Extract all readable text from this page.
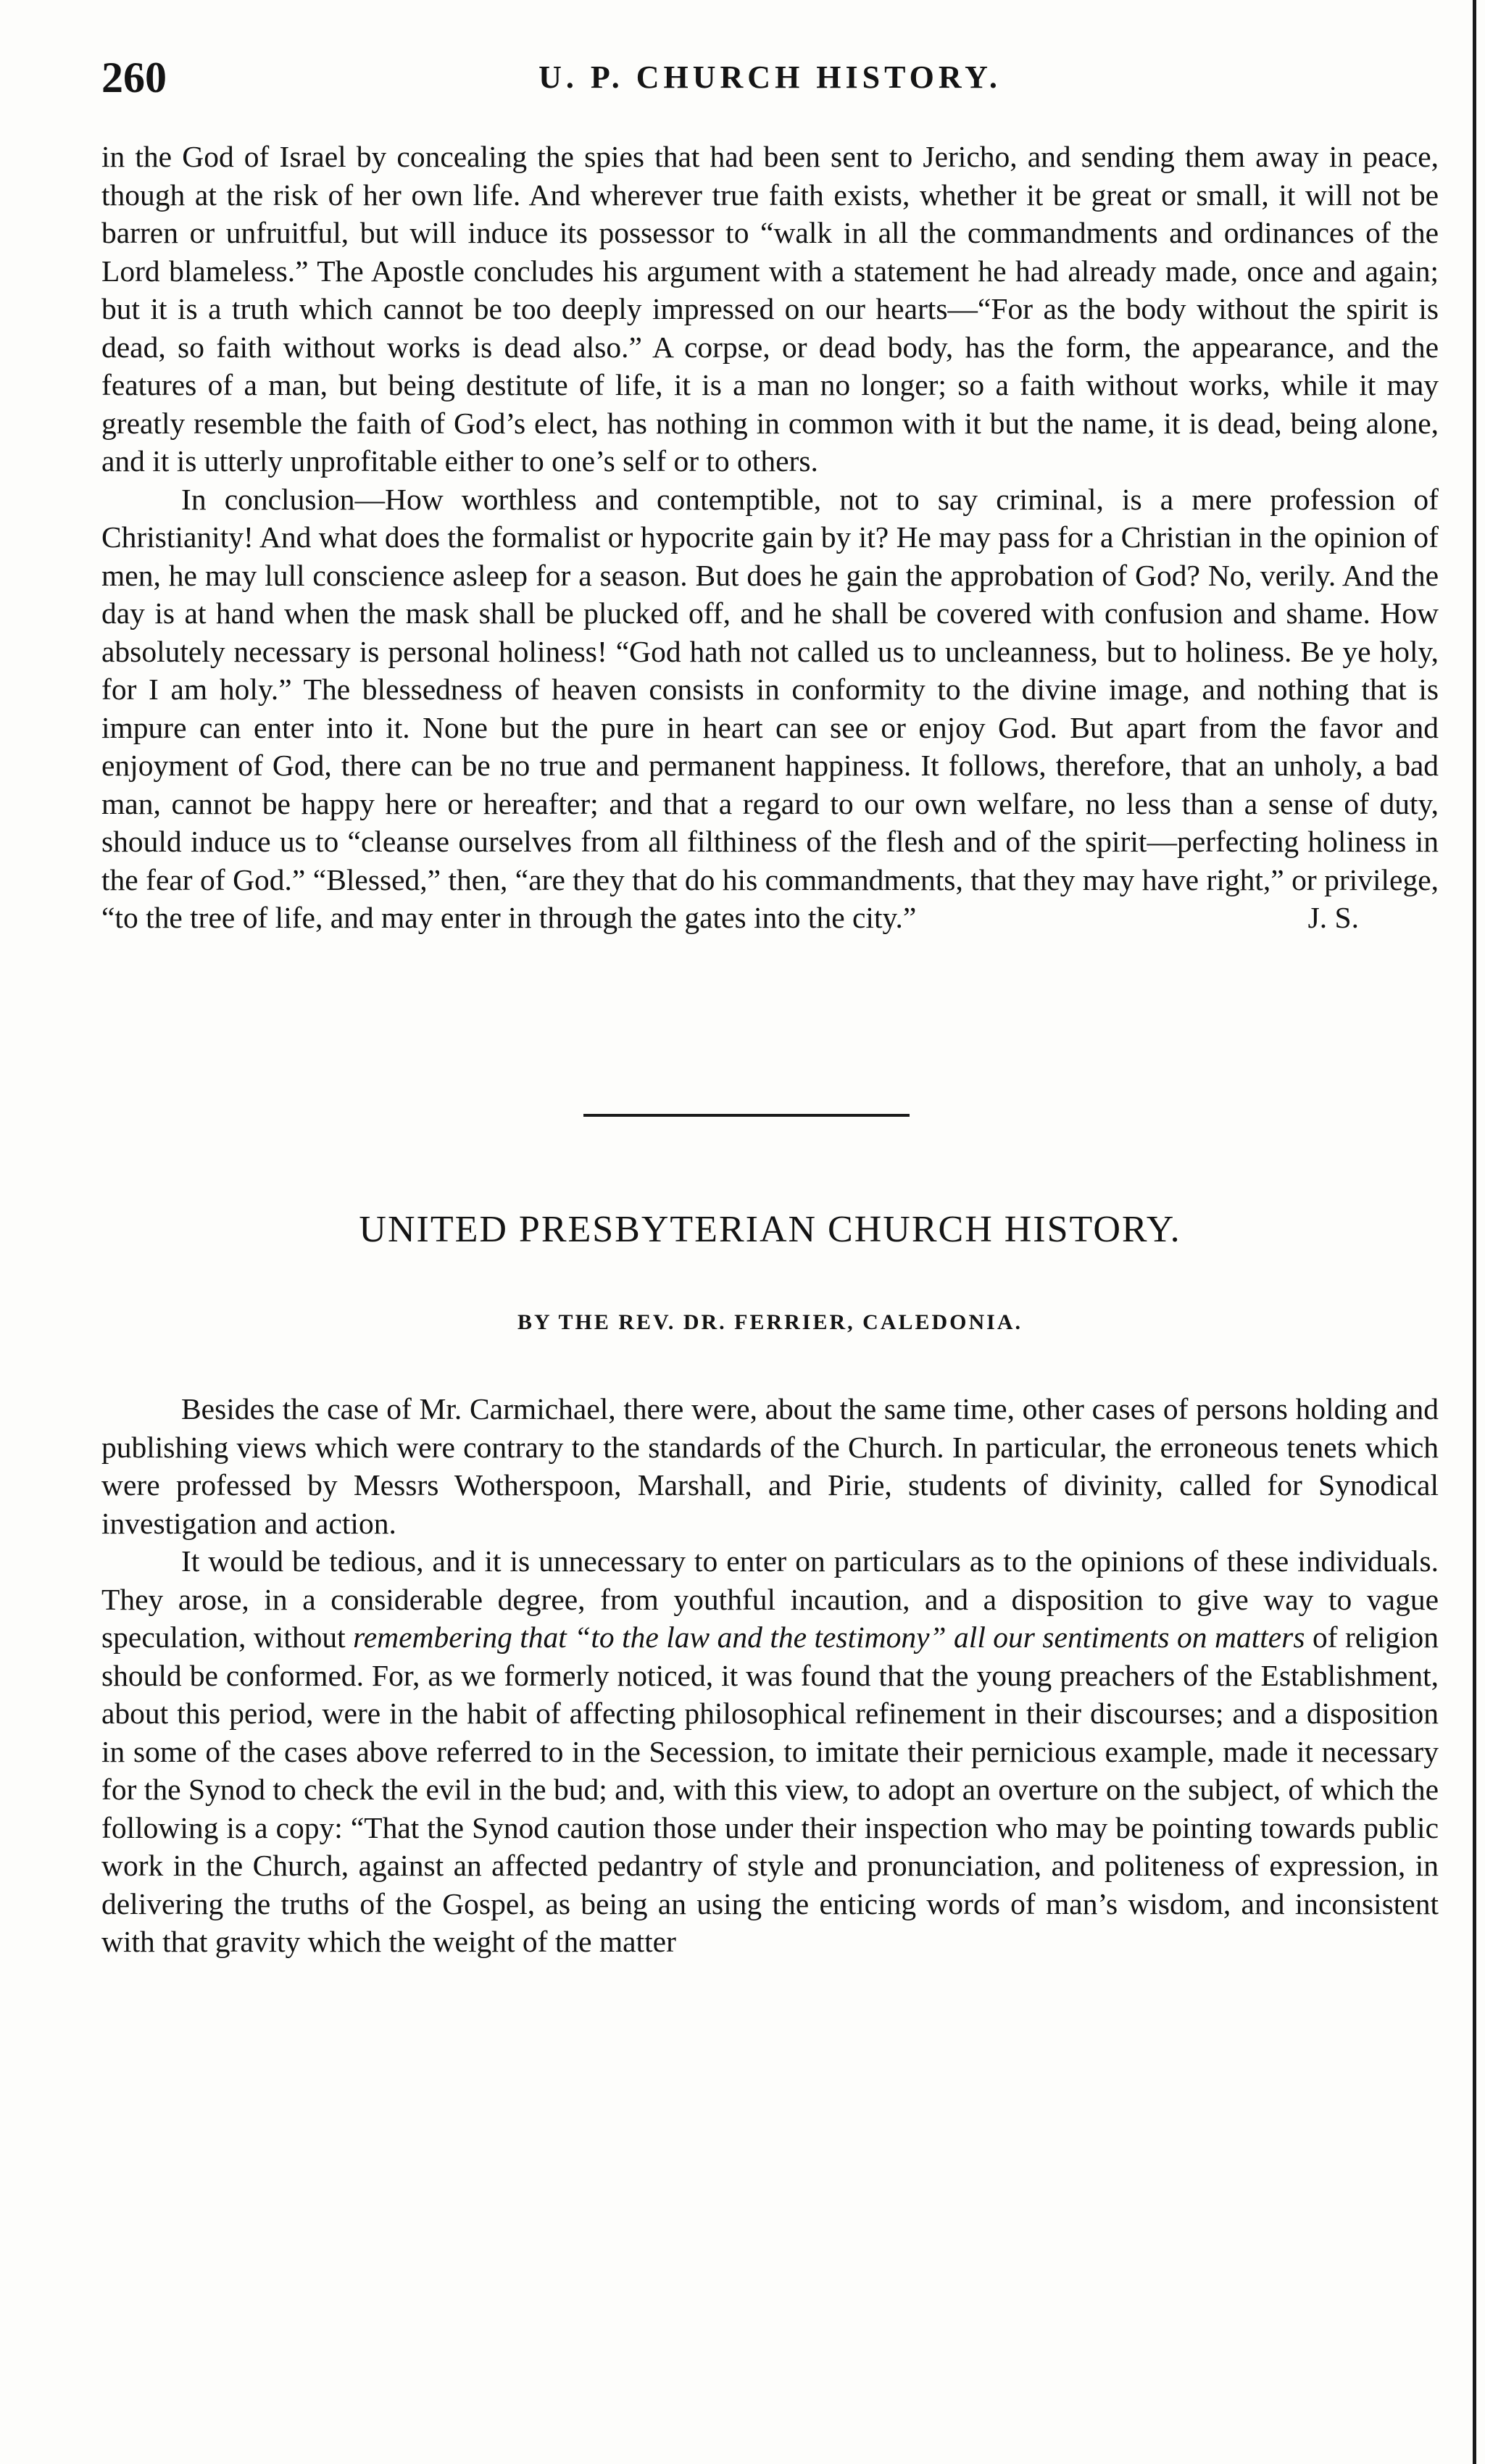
260	U. P. CHURCH HISTORY.

in the God of Israel by concealing the spies that had been sent to Jericho, and sending them away in peace, though at the risk of her own life. And wherever true faith exists, whether it be great or small, it will not be barren or unfruitful, but will induce its possessor to “walk in all the commandments and ordinances of the Lord blameless.” The Apostle concludes his argument with a statement he had already made, once and again; but it is a truth which cannot be too deeply impressed on our hearts—“For as the body without the spirit is dead, so faith without works is dead also.” A corpse, or dead body, has the form, the appearance, and the features of a man, but being destitute of life, it is a man no longer; so a faith without works, while it may greatly resemble the faith of God’s elect, has nothing in common with it but the name, it is dead, being alone, and it is utterly unprofitable either to one’s self or to others.

In conclusion—How worthless and contemptible, not to say criminal, is a mere profession of Christianity! And what does the formalist or hypocrite gain by it? He may pass for a Christian in the opinion of men, he may lull conscience asleep for a season. But does he gain the approbation of God? No, verily. And the day is at hand when the mask shall be plucked off, and he shall be covered with confusion and shame. How absolutely necessary is personal holiness! “God hath not called us to uncleanness, but to holiness. Be ye holy, for I am holy.” The blessedness of heaven consists in conformity to the divine image, and nothing that is impure can enter into it. None but the pure in heart can see or enjoy God. But apart from the favor and enjoyment of God, there can be no true and permanent happiness. It follows, therefore, that an unholy, a bad man, cannot be happy here or hereafter; and that a regard to our own welfare, no less than a sense of duty, should induce us to “cleanse ourselves from all filthiness of the flesh and of the spirit—perfecting holiness in the fear of God.” “Blessed,” then, “are they that do his commandments, that they may have right,” or privilege, “to the tree of life, and may enter in through the gates into the city.”	J. S.
UNITED PRESBYTERIAN CHURCH HISTORY.

BY THE REV. DR. FERRIER, CALEDONIA.

Besides the case of Mr. Carmichael, there were, about the same time, other cases of persons holding and publishing views which were contrary to the standards of the Church. In particular, the erroneous tenets which were professed by Messrs Wotherspoon, Marshall, and Pirie, students of divinity, called for Synodical investigation and action.

It would be tedious, and it is unnecessary to enter on particulars as to the opinions of these individuals. They arose, in a considerable degree, from youthful incaution, and a disposition to give way to vague speculation, without remembering that “to the law and the testimony” all our sentiments on matters of religion should be conformed. For, as we formerly noticed, it was found that the young preachers of the Establishment, about this period, were in the habit of affecting philosophical refinement in their discourses; and a disposition in some of the cases above referred to in the Secession, to imitate their pernicious example, made it necessary for the Synod to check the evil in the bud; and, with this view, to adopt an overture on the subject, of which the following is a copy: “That the Synod caution those under their inspection who may be pointing towards public work in the Church, against an affected pedantry of style and pronunciation, and politeness of expression, in delivering the truths of the Gospel, as being an using the enticing words of man’s wisdom, and inconsistent with that gravity which the weight of the matter
